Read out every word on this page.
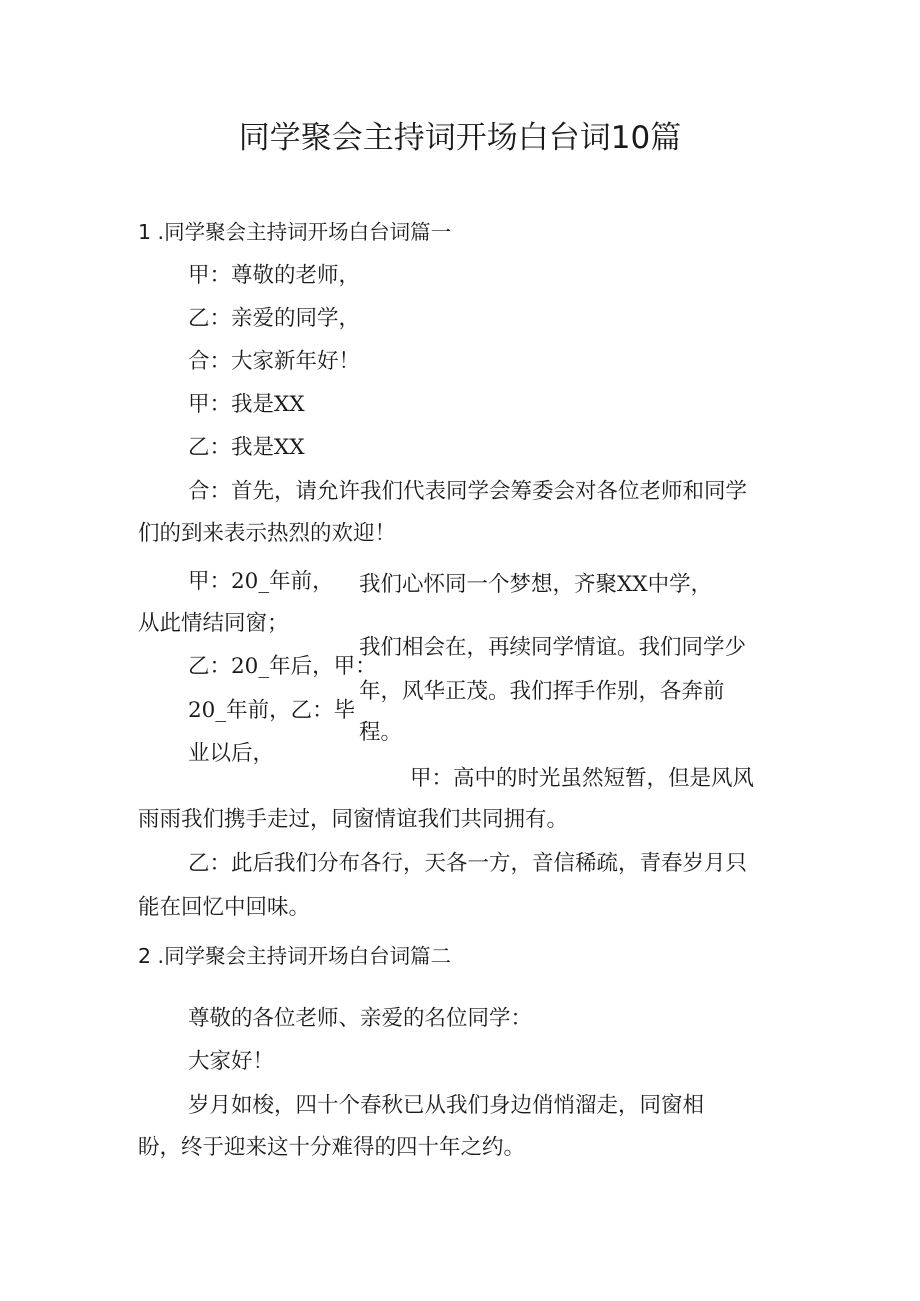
同学聚会主持词开场白台词10篇
1 .同学聚会主持词开场白台词篇一
甲：尊敬的老师，
乙：亲爱的同学，
合：大家新年好！
甲：我是XX
乙：我是XX
合：首先，请允许我们代表同学会筹委会对各位老师和同学
们的到来表示热烈的欢迎！
甲：20_年前， 我们心怀同一个梦想，齐聚XX中学，
从此情结同窗；
我们相会在，再续同学情谊。我们同学少
乙：20_年后，甲：
年，风华正茂。我们挥手作别，各奔前
20_年前，乙：毕
程。
业以后，
甲：高中的时光虽然短暂，但是风风
雨雨我们携手走过，同窗情谊我们共同拥有。
乙：此后我们分布各行，天各一方，音信稀疏，青春岁月只
能在回忆中回味。
2 .同学聚会主持词开场白台词篇二
尊敬的各位老师、亲爱的名位同学：
大家好！
岁月如梭，四十个春秋已从我们身边俏悄溜走，同窗相
盼，终于迎来这十分难得的四十年之约。
